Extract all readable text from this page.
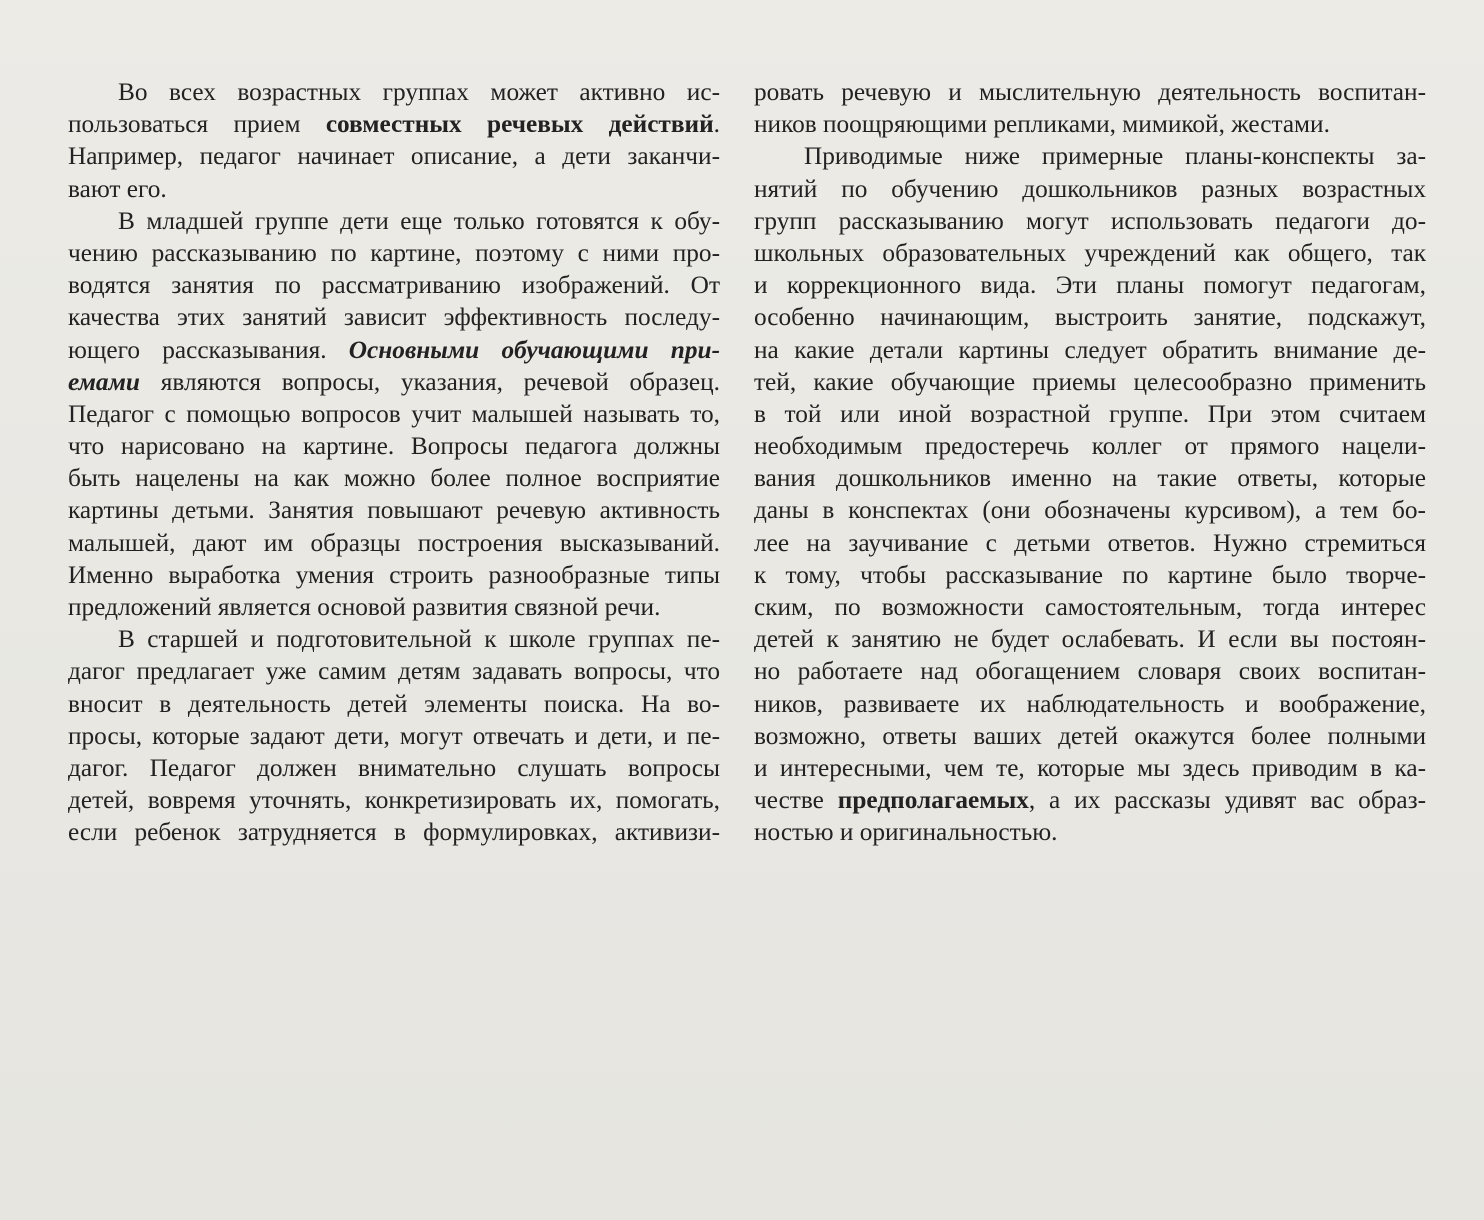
Во всех возрастных группах может активно ис-
пользоваться прием совместных речевых действий.
Например, педагог начинает описание, а дети заканчи-
вают его.
В младшей группе дети еще только готовятся к обу-
чению рассказыванию по картине, поэтому с ними про-
водятся занятия по рассматриванию изображений. От
качества этих занятий зависит эффективность последу-
ющего рассказывания. Основными обучающими при-
емами являются вопросы, указания, речевой образец.
Педагог с помощью вопросов учит малышей называть то,
что нарисовано на картине. Вопросы педагога должны
быть нацелены на как можно более полное восприятие
картины детьми. Занятия повышают речевую активность
малышей, дают им образцы построения высказываний.
Именно выработка умения строить разнообразные типы
предложений является основой развития связной речи.
В старшей и подготовительной к школе группах пе-
дагог предлагает уже самим детям задавать вопросы, что
вносит в деятельность детей элементы поиска. На во-
просы, которые задают дети, могут отвечать и дети, и пе-
дагог. Педагог должен внимательно слушать вопросы
детей, вовремя уточнять, конкретизировать их, помогать,
если ребенок затрудняется в формулировках, активизи-
ровать речевую и мыслительную деятельность воспитан-
ников поощряющими репликами, мимикой, жестами.
Приводимые ниже примерные планы-конспекты за-
нятий по обучению дошкольников разных возрастных
групп рассказыванию могут использовать педагоги до-
школьных образовательных учреждений как общего, так
и коррекционного вида. Эти планы помогут педагогам,
особенно начинающим, выстроить занятие, подскажут,
на какие детали картины следует обратить внимание де-
тей, какие обучающие приемы целесообразно применить
в той или иной возрастной группе. При этом считаем
необходимым предостеречь коллег от прямого нацели-
вания дошкольников именно на такие ответы, которые
даны в конспектах (они обозначены курсивом), а тем бо-
лее на заучивание с детьми ответов. Нужно стремиться
к тому, чтобы рассказывание по картине было творче-
ским, по возможности самостоятельным, тогда интерес
детей к занятию не будет ослабевать. И если вы постоян-
но работаете над обогащением словаря своих воспитан-
ников, развиваете их наблюдательность и воображение,
возможно, ответы ваших детей окажутся более полными
и интересными, чем те, которые мы здесь приводим в ка-
честве предполагаемых, а их рассказы удивят вас образ-
ностью и оригинальностью.
